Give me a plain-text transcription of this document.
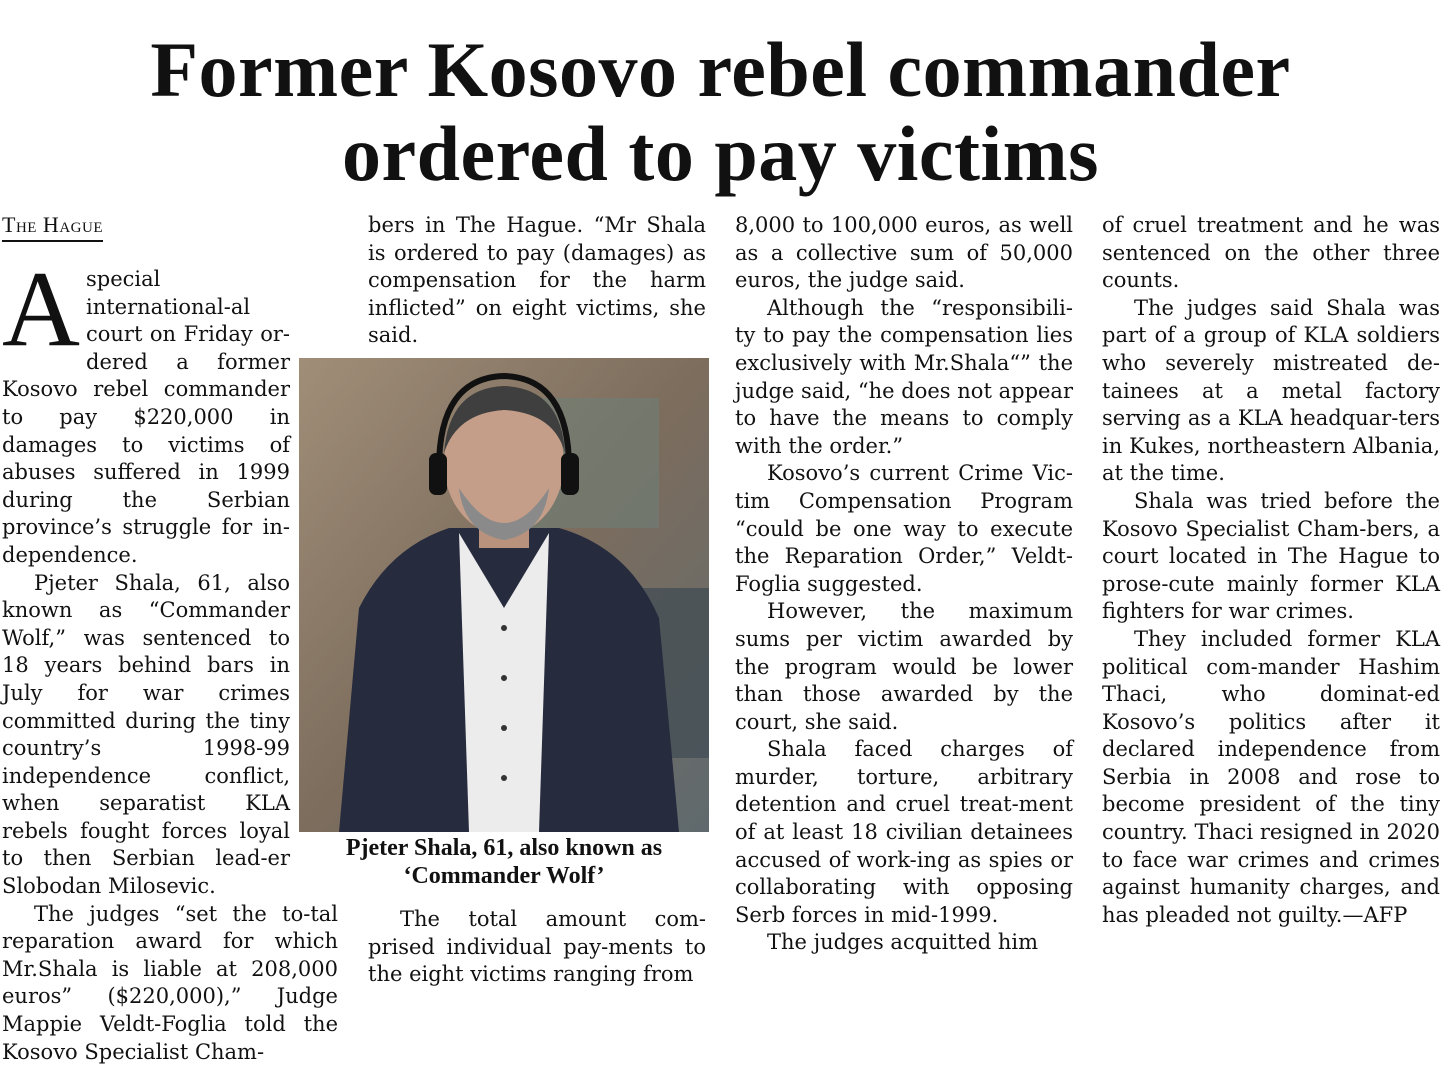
Former Kosovo rebel commander
ordered to pay victims
The Hague

Aspecial international-al court on Friday or-dered a former Kosovo rebel commander to pay $220,000 in damages to victims of abuses suffered in 1999 during the Serbian province’s struggle for in-dependence.

Pjeter Shala, 61, also known as “Commander Wolf,” was sentenced to 18 years behind bars in July for war crimes committed during the tiny country’s 1998-99 independence conflict, when separatist KLA rebels fought forces loyal to then Serbian lead-er Slobodan Milosevic.

The judges “set the to-tal reparation award for which Mr.Shala is liable at 208,000 euros” ($220,000),” Judge Mappie Veldt-Foglia told the Kosovo Specialist Cham-

bers in The Hague. “Mr Shala is ordered to pay (damages) as compensation for the harm inflicted” on eight victims, she said.

Pjeter Shala, 61, also known as
‘Commander Wolf’

The total amount com-prised individual pay-ments to the eight victims ranging from

8,000 to 100,000 euros, as well as a collective sum of 50,000 euros, the judge said.

Although the “responsibili-ty to pay the compensation lies exclusively with Mr.Shala“” the judge said, “he does not appear to have the means to comply with the order.”

Kosovo’s current Crime Vic-tim Compensation Program “could be one way to execute the Reparation Order,” Veldt-Foglia suggested.

However, the maximum sums per victim awarded by the program would be lower than those awarded by the court, she said.

Shala faced charges of murder, torture, arbitrary detention and cruel treat-ment of at least 18 civilian detainees accused of work-ing as spies or collaborating with opposing Serb forces in mid-1999.

The judges acquitted him

of cruel treatment and he was sentenced on the other three counts.

The judges said Shala was part of a group of KLA soldiers who severely mistreated de-tainees at a metal factory serving as a KLA headquar-ters in Kukes, northeastern Albania, at the time.

Shala was tried before the Kosovo Specialist Cham-bers, a court located in The Hague to prose-cute mainly former KLA fighters for war crimes.

They included former KLA political com-mander Hashim Thaci, who dominat-ed Kosovo’s politics after it declared independence from Serbia in 2008 and rose to become president of the tiny country. Thaci resigned in 2020 to face war crimes and crimes against humanity charges, and has pleaded not guilty.—AFP
